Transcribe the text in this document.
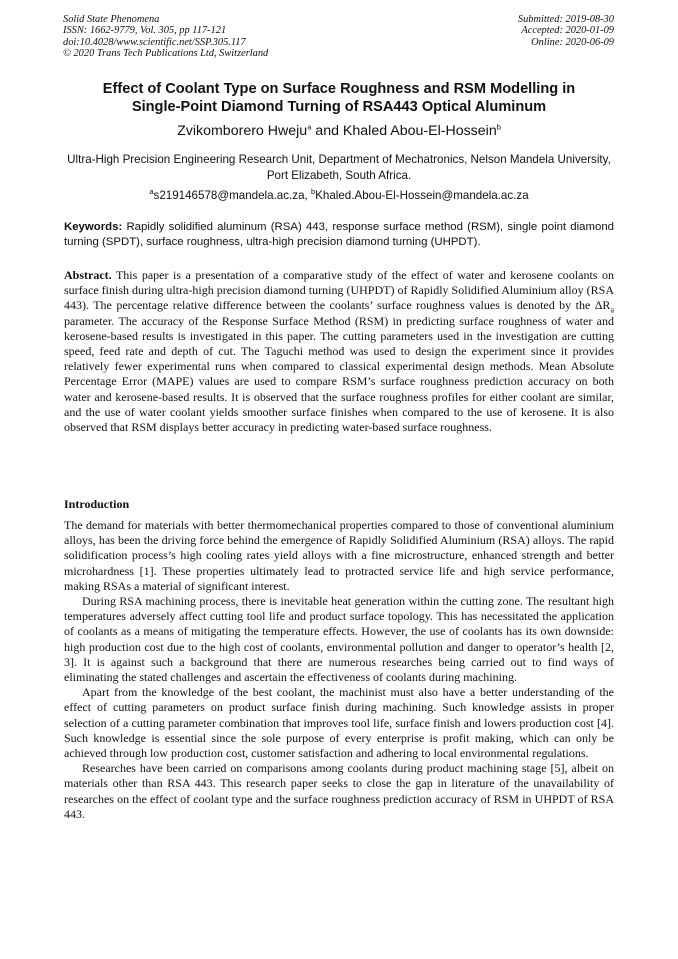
Solid State Phenomena
ISSN: 1662-9779, Vol. 305, pp 117-121
doi:10.4028/www.scientific.net/SSP.305.117
© 2020 Trans Tech Publications Ltd, Switzerland
Submitted: 2019-08-30
Accepted: 2020-01-09
Online: 2020-06-09
Effect of Coolant Type on Surface Roughness and RSM Modelling in
Single-Point Diamond Turning of RSA443 Optical Aluminum
Zvikomborero Hweju$^a$ and Khaled Abou-El-Hossein$^b$
Ultra-High Precision Engineering Research Unit, Department of Mechatronics, Nelson Mandela University, Port Elizabeth, South Africa.
$^a$s219146578@mandela.ac.za, $^b$Khaled.Abou-El-Hossein@mandela.ac.za
Keywords: Rapidly solidified aluminum (RSA) 443, response surface method (RSM), single point diamond turning (SPDT), surface roughness, ultra-high precision diamond turning (UHPDT).
Abstract. This paper is a presentation of a comparative study of the effect of water and kerosene coolants on surface finish during ultra-high precision diamond turning (UHPDT) of Rapidly Solidified Aluminium alloy (RSA 443). The percentage relative difference between the coolants’ surface roughness values is denoted by the $\Delta R_a$ parameter. The accuracy of the Response Surface Method (RSM) in predicting surface roughness of water and kerosene-based results is investigated in this paper. The cutting parameters used in the investigation are cutting speed, feed rate and depth of cut. The Taguchi method was used to design the experiment since it provides relatively fewer experimental runs when compared to classical experimental design methods. Mean Absolute Percentage Error (MAPE) values are used to compare RSM’s surface roughness prediction accuracy on both water and kerosene-based results. It is observed that the surface roughness profiles for either coolant are similar, and the use of water coolant yields smoother surface finishes when compared to the use of kerosene. It is also observed that RSM displays better accuracy in predicting water-based surface roughness.
Introduction

The demand for materials with better thermomechanical properties compared to those of conventional aluminium alloys, has been the driving force behind the emergence of Rapidly Solidified Aluminium (RSA) alloys. The rapid solidification process’s high cooling rates yield alloys with a fine microstructure, enhanced strength and better microhardness [1]. These properties ultimately lead to protracted service life and high service performance, making RSAs a material of significant interest.

During RSA machining process, there is inevitable heat generation within the cutting zone. The resultant high temperatures adversely affect cutting tool life and product surface topology. This has necessitated the application of coolants as a means of mitigating the temperature effects. However, the use of coolants has its own downside: high production cost due to the high cost of coolants, environmental pollution and danger to operator’s health [2, 3]. It is against such a background that there are numerous researches being carried out to find ways of eliminating the stated challenges and ascertain the effectiveness of coolants during machining.

Apart from the knowledge of the best coolant, the machinist must also have a better understanding of the effect of cutting parameters on product surface finish during machining. Such knowledge assists in proper selection of a cutting parameter combination that improves tool life, surface finish and lowers production cost [4]. Such knowledge is essential since the sole purpose of every enterprise is profit making, which can only be achieved through low production cost, customer satisfaction and adhering to local environmental regulations.

Researches have been carried on comparisons among coolants during product machining stage [5], albeit on materials other than RSA 443. This research paper seeks to close the gap in literature of the unavailability of researches on the effect of coolant type and the surface roughness prediction accuracy of RSM in UHPDT of RSA 443.
